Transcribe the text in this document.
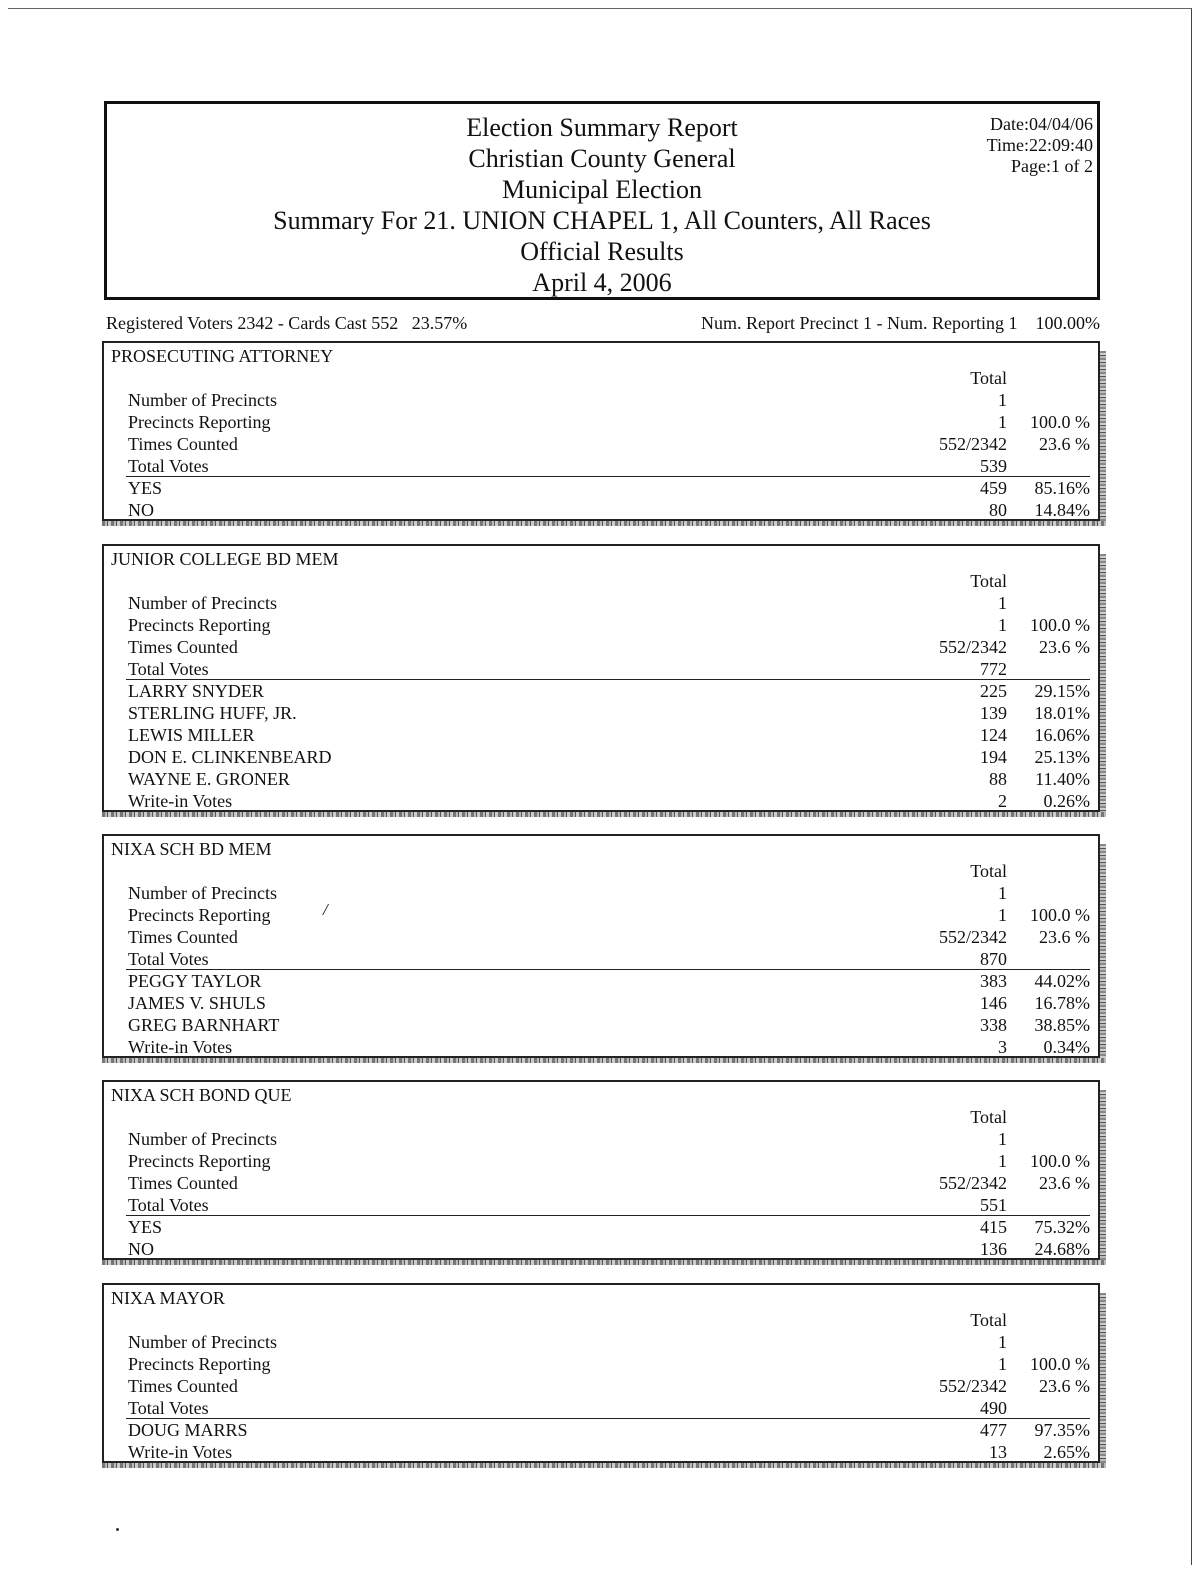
Election Summary Report
Christian County General
Municipal Election
Summary For 21. UNION CHAPEL 1, All Counters, All Races
Official Results
April 4, 2006
Date:04/04/06
Time:22:09:40
Page:1 of 2
Registered Voters 2342 - Cards Cast 552   23.57%	Num. Report Precinct 1 - Num. Reporting 1    100.00%
PROSECUTING ATTORNEY
Total
Number of Precincts	1
Precincts Reporting	1 100.0 %
Times Counted	552/2342 23.6 %
Total Votes	539
YES	459 85.16%
NO	80 14.84%
JUNIOR COLLEGE BD MEM
Total
Number of Precincts	1
Precincts Reporting	1 100.0 %
Times Counted	552/2342 23.6 %
Total Votes	772
LARRY SNYDER	225 29.15%
STERLING HUFF, JR.	139 18.01%
LEWIS MILLER	124 16.06%
DON E. CLINKENBEARD	194 25.13%
WAYNE E. GRONER	88 11.40%
Write-in Votes	2 0.26%
NIXA SCH BD MEM
Total
Number of Precincts	1
Precincts Reporting	1 100.0 %
Times Counted	552/2342 23.6 %
Total Votes	870
PEGGY TAYLOR	383 44.02%
JAMES V. SHULS	146 16.78%
GREG BARNHART	338 38.85%
Write-in Votes	3 0.34%
NIXA SCH BOND QUE
Total
Number of Precincts	1
Precincts Reporting	1 100.0 %
Times Counted	552/2342 23.6 %
Total Votes	551
YES	415 75.32%
NO	136 24.68%
NIXA MAYOR
Total
Number of Precincts	1
Precincts Reporting	1 100.0 %
Times Counted	552/2342 23.6 %
Total Votes	490
DOUG MARRS	477 97.35%
Write-in Votes	13 2.65%
/
